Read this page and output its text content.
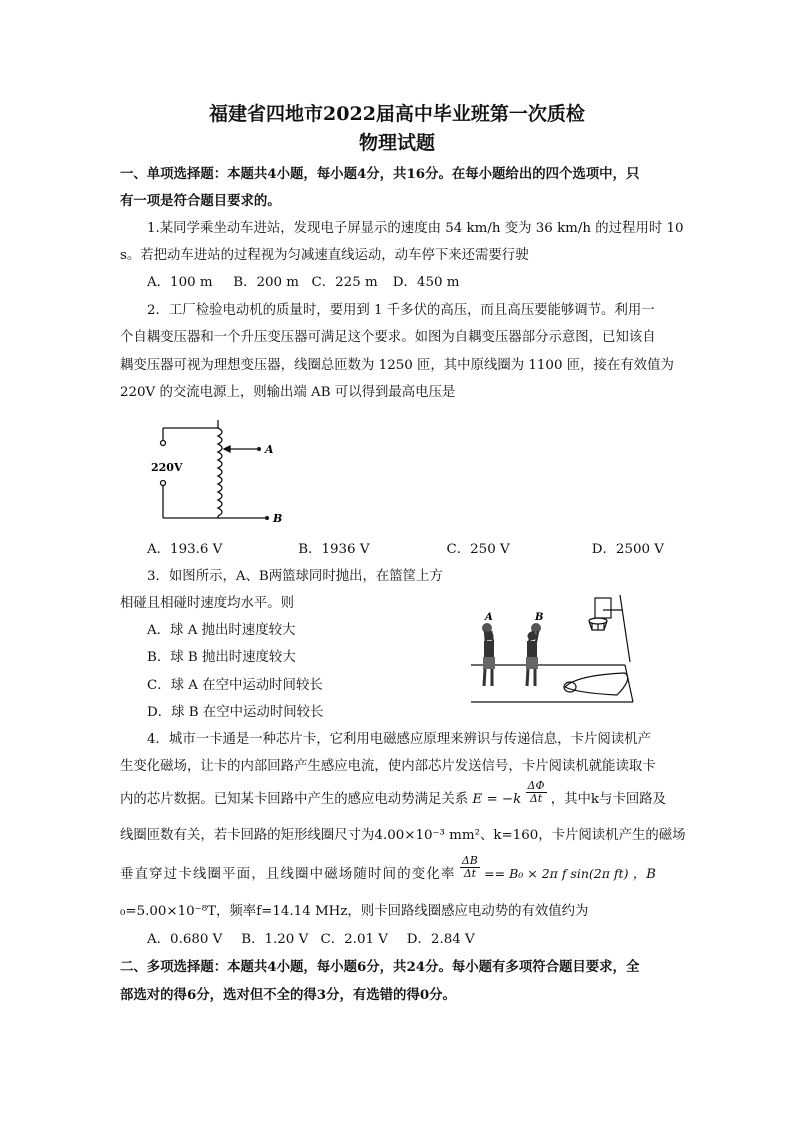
福建省四地市2022届高中毕业班第一次质检
物理试题
一、单项选择题：本题共4小题，每小题4分，共16分。在每小题给出的四个选项中，只
有一项是符合题目要求的。
1.某同学乘坐动车进站，发现电子屏显示的速度由 54 km/h 变为 36 km/h 的过程用时 10
s。若把动车进站的过程视为匀减速直线运动，动车停下来还需要行驶
A．100 m B．200 m C．225 m D．450 m
2．工厂检验电动机的质量时，要用到 1 千多伏的高压，而且高压要能够调节。利用一
个自耦变压器和一个升压变压器可满足这个要求。如图为自耦变压器部分示意图，已知该自
耦变压器可视为理想变压器，线圈总匝数为 1250 匝，其中原线圈为 1100 匝，接在有效值为
220V 的交流电源上，则输出端 AB 可以得到最高电压是
220V
A
B
A．193.6 V	B．1936 V	C．250 V	D．2500 V
3．如图所示，A、B两篮球同时抛出，在篮筐上方
相碰且相碰时速度均水平。则
A．球 A 抛出时速度较大
B．球 B 抛出时速度较大
C．球 A 在空中运动时间较长
D．球 B 在空中运动时间较长
A	B
4．城市一卡通是一种芯片卡，它利用电磁感应原理来辨识与传递信息，卡片阅读机产
生变化磁场，让卡的内部回路产生感应电流，使内部芯片发送信号，卡片阅读机就能读取卡
内的芯片数据。已知某卡回路中产生的感应电动势满足关系 $E = -k \frac{\Delta\Phi}{\Delta t}$ ，其中k与卡回路及
线圈匝数有关，若卡回路的矩形线圈尺寸为4.00×10⁻³ mm²、k=160，卡片阅读机产生的磁场
垂直穿过卡线圈平面，且线圈中磁场随时间的变化率 $\frac{\Delta B}{\Delta t} == B_0 \times 2\pi$ f sin(2π ft) ，B
₀=5.00×10⁻⁸T，频率f=14.14 MHz，则卡回路线圈感应电动势的有效值约为
A．0.680 V B．1.20 V C．2.01 V D．2.84 V
二、多项选择题：本题共4小题，每小题6分，共24分。每小题有多项符合题目要求，全
部选对的得6分，选对但不全的得3分，有选错的得0分。
